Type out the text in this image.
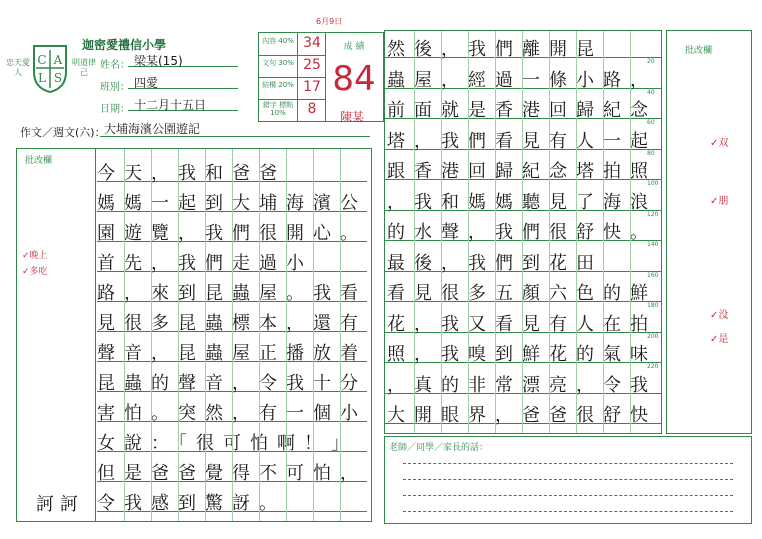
迦密愛禮信小學
忠天愛人
C A
L S
明道律己
姓名： 梁某(15)
班別： 四愛
日期： 十二月十五日
內容 40% 34
文句 30% 25
結構 20% 17
錯字 標點 10%	8
成 績
84
6月9日
陳某
作文／週文(六)：
大埔海濱公園遊記
批改欄
今天，我和爸爸
媽媽一起到大埔海濱公
園遊覽，我們很開心。
首先，我們走過小
路，來到昆蟲屋。我看
見很多昆蟲標本，還有
聲音，昆蟲屋正播放着
昆蟲的聲音，令我十分
害怕。突然，有一個小
女說：「很可怕啊！」
但是爸爸覺得不可怕，
令我感到驚訝。
然後，我們離開昆
20
蟲屋，經過一條小路，
40
前面就是香港回歸紀念
60
塔，我們看見有人一起
80
跟香港回歸紀念塔拍照
100
，我和媽媽聽見了海浪
120
的水聲，我們很舒快。
140
最後，我們到花田
160
看見很多五顏六色的鮮
180
花，我又看見有人在拍
200
照，我嗅到鮮花的氣味
220
，真的非常漂亮，令我
大開眼界，爸爸很舒快
批改欄
老師／同學／家長的話：
✓晚上
✓多吃
✓双
✓朋
✓没
✓是
訶 訶
